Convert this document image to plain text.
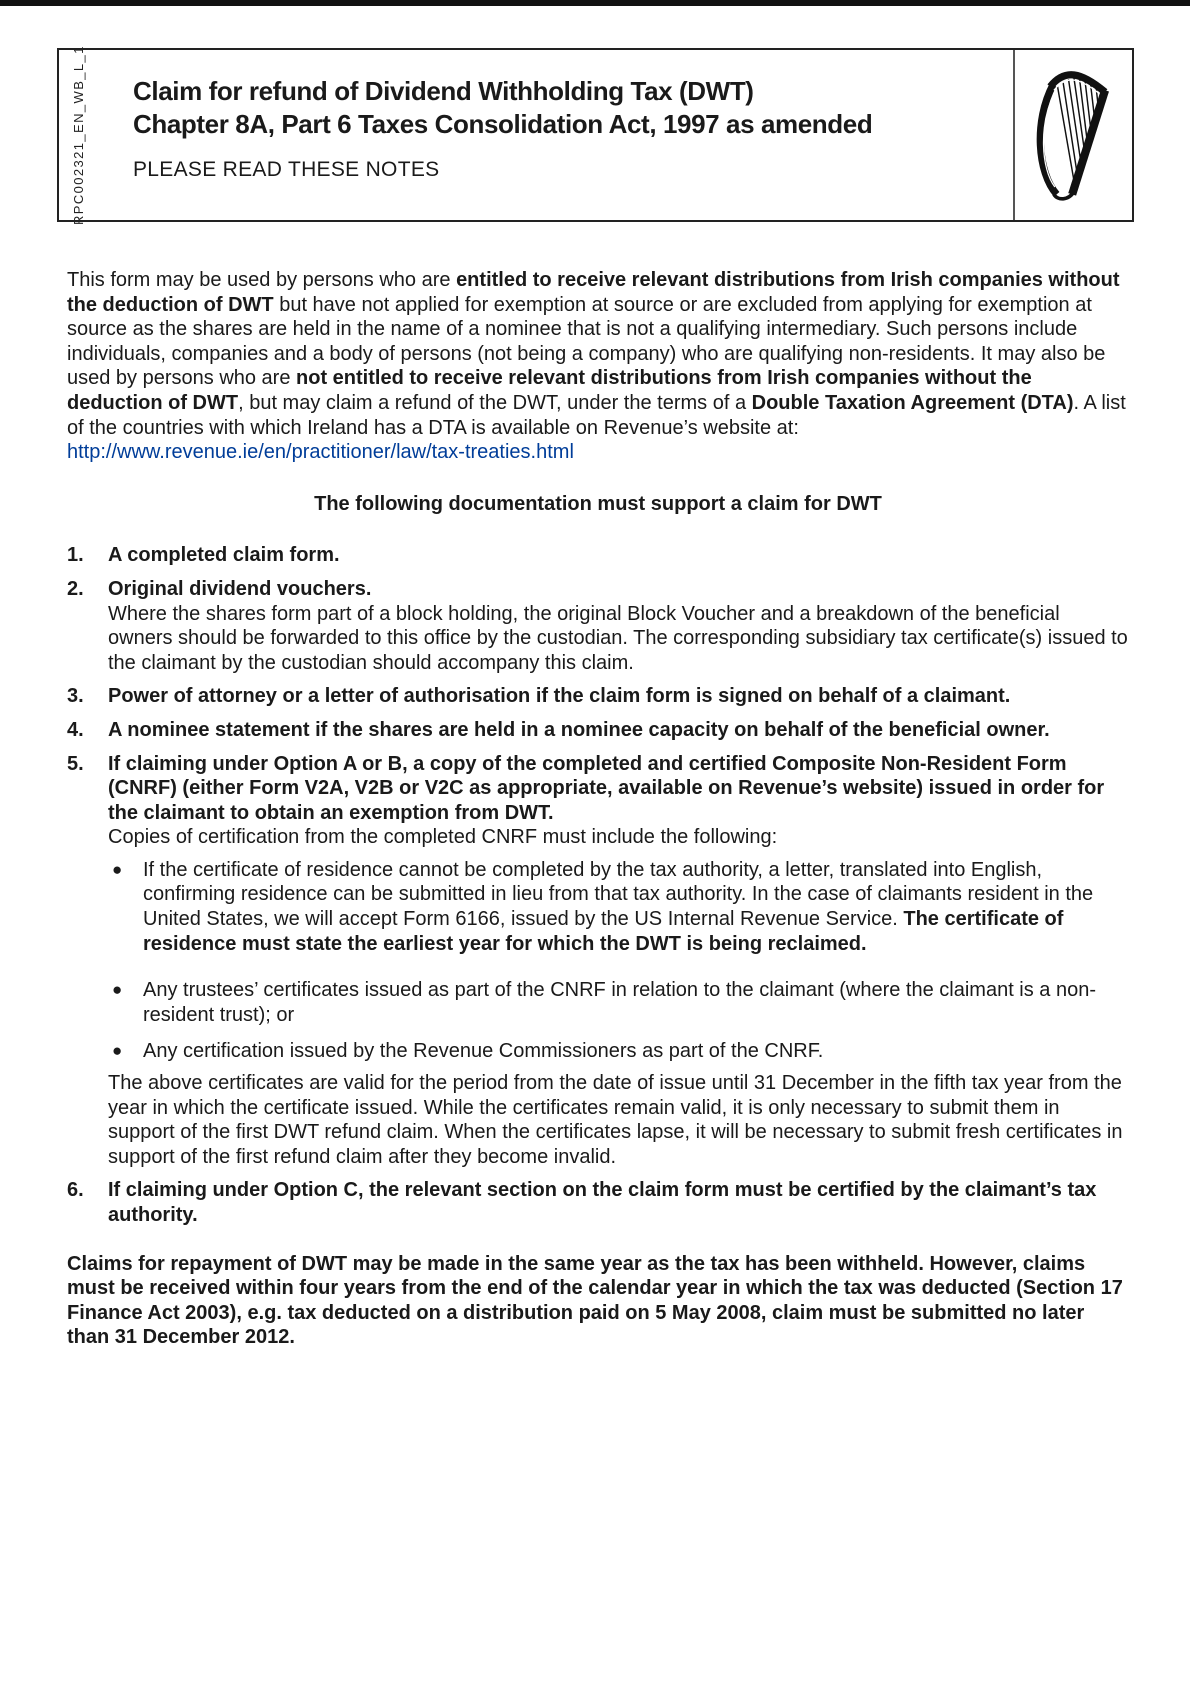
RPC002321_EN_WB_L_1 Claim for refund of Dividend Withholding Tax (DWT)
Chapter 8A, Part 6 Taxes Consolidation Act, 1997 as amended
PLEASE READ THESE NOTES

This form may be used by persons who are entitled to receive relevant distributions from Irish companies without the deduction of DWT but have not applied for exemption at source or are excluded from applying for exemption at source as the shares are held in the name of a nominee that is not a qualifying intermediary. Such persons include individuals, companies and a body of persons (not being a company) who are qualifying non-residents. It may also be used by persons who are not entitled to receive relevant distributions from Irish companies without the deduction of DWT, but may claim a refund of the DWT, under the terms of a Double Taxation Agreement (DTA). A list of the countries with which Ireland has a DTA is available on Revenue’s website at:

http://www.revenue.ie/en/practitioner/law/tax-treaties.html
The following documentation must support a claim for DWT
1.	A completed claim form.
2.	Original dividend vouchers.
Where the shares form part of a block holding, the original Block Voucher and a breakdown of the beneficial owners should be forwarded to this office by the custodian. The corresponding subsidiary tax certificate(s) issued to the claimant by the custodian should accompany this claim.
3.	Power of attorney or a letter of authorisation if the claim form is signed on behalf of a claimant.
4.	A nominee statement if the shares are held in a nominee capacity on behalf of the beneficial owner.
5.	If claiming under Option A or B, a copy of the completed and certified Composite Non-Resident Form (CNRF) (either Form V2A, V2B or V2C as appropriate, available on Revenue’s website) issued in order for the claimant to obtain an exemption from DWT.
Copies of certification from the completed CNRF must include the following:
●	If the certificate of residence cannot be completed by the tax authority, a letter, translated into English, confirming residence can be submitted in lieu from that tax authority. In the case of claimants resident in the United States, we will accept Form 6166, issued by the US Internal Revenue Service. The certificate of residence must state the earliest year for which the DWT is being reclaimed.
●	Any trustees’ certificates issued as part of the CNRF in relation to the claimant (where the claimant is a non-resident trust); or
●	Any certification issued by the Revenue Commissioners as part of the CNRF.
The above certificates are valid for the period from the date of issue until 31 December in the fifth tax year from the year in which the certificate issued. While the certificates remain valid, it is only necessary to submit them in support of the first DWT refund claim. When the certificates lapse, it will be necessary to submit fresh certificates in support of the first refund claim after they become invalid.
6.	If claiming under Option C, the relevant section on the claim form must be certified by the claimant’s tax authority.

Claims for repayment of DWT may be made in the same year as the tax has been withheld. However, claims must be received within four years from the end of the calendar year in which the tax was deducted (Section 17 Finance Act 2003), e.g. tax deducted on a distribution paid on 5 May 2008, claim must be submitted no later than 31 December 2012.
